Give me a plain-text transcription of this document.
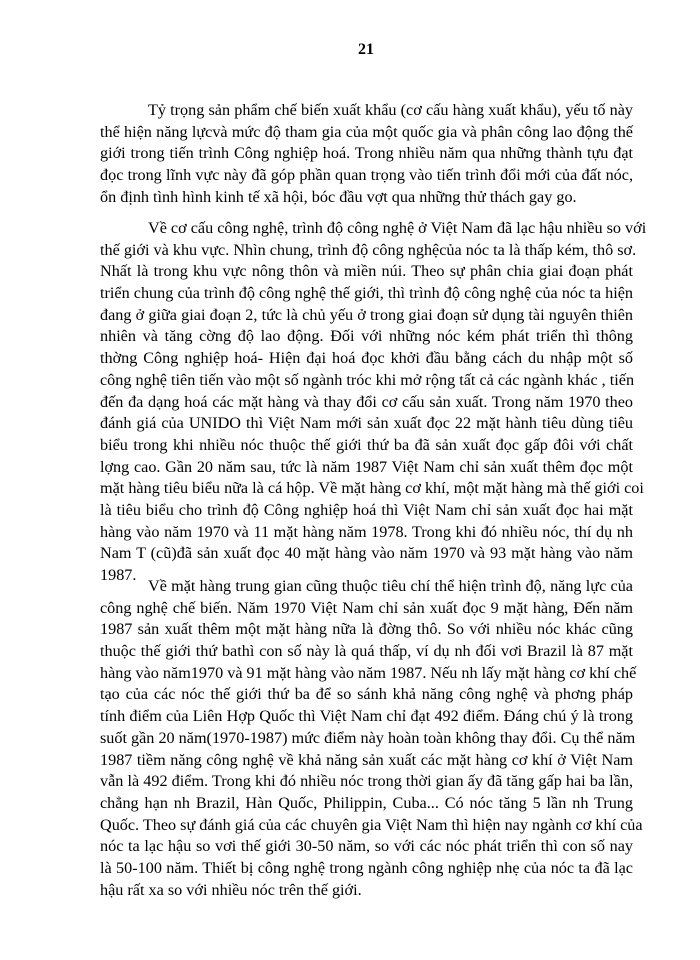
21
Tỷ trọng sản phẩm chế biến xuất khẩu (cơ cấu hàng xuất khẩu), yếu tố này
thể hiện năng lựcvà mức độ tham gia của một quốc gia và phân công lao động thế
giới trong tiến trình Công nghiệp hoá. Trong nhiều năm qua những thành tựu đạt
đọc trong lĩnh vực này đã góp phần quan trọng vào tiến trình đổi mới của đất nóc,
ổn định tình hình kinh tế xã hội, bóc đầu vợt qua những thử thách gay go.
Về cơ cấu công nghệ, trình độ công nghệ ở Việt Nam đã lạc hậu nhiều so với
thế giới và khu vực. Nhìn chung, trình độ công nghệcủa nóc ta là thấp kém, thô sơ.
Nhất là trong khu vực nông thôn và miền núi. Theo sự phân chia giai đoạn phát
triển chung của trình độ công nghệ thế giới, thì trình độ công nghệ của nóc ta hiện
đang ở giữa giai đoạn 2, tức là chủ yếu ở trong giai đoạn sử dụng tài nguyên thiên
nhiên và tăng cờng độ lao động. Đối với những nóc kém phát triển thì thông
thờng Công nghiệp hoá- Hiện đại hoá đọc khởi đầu bằng cách du nhập một số
công nghệ tiên tiến vào một số ngành tróc khi mở rộng tất cả các ngành khác , tiến
đến đa dạng hoá các mặt hàng và thay đổi cơ cấu sản xuất. Trong năm 1970 theo
đánh giá của UNIDO thì Việt Nam mới sản xuất đọc 22 mặt hành tiêu dùng tiêu
biểu trong khi nhiều nóc thuộc thế giới thứ ba đã sản xuất đọc gấp đôi với chất
lợng cao. Gần 20 năm sau, tức là năm 1987 Việt Nam chỉ sản xuất thêm đọc một
mặt hàng tiêu biểu nữa là cá hộp. Về mặt hàng cơ khí, một mặt hàng mà thế giới coi
là tiêu biểu cho trình độ Công nghiệp hoá thì Việt Nam chỉ sản xuất đọc hai mặt
hàng vào năm 1970 và 11 mặt hàng năm 1978. Trong khi đó nhiều nóc, thí dụ nh
Nam T (cũ)đã sản xuất đọc 40 mặt hàng vào năm 1970 và 93 mặt hàng vào năm
1987.
Về mặt hàng trung gian cũng thuộc tiêu chí thể hiện trình độ, năng lực của
công nghệ chế biến. Năm 1970 Việt Nam chỉ sản xuất đọc 9 mặt hàng, Đến năm
1987 sản xuất thêm một mặt hàng nữa là đờng thô. So với nhiều nóc khác cũng
thuộc thế giới thứ bathì con số này là quá thấp, ví dụ nh đối vơi Brazil là 87 mặt
hàng vào năm1970 và 91 mặt hàng vào năm 1987. Nếu nh lấy mặt hàng cơ khí chế
tạo của các nóc thế giới thứ ba để so sánh khả năng công nghệ và phơng pháp
tính điểm của Liên Hợp Quốc thì Việt Nam chỉ đạt 492 điểm. Đáng chú ý là trong
suốt gần 20 năm(1970-1987) mức điểm này hoàn toàn không thay đổi. Cụ thể năm
1987 tiềm năng công nghệ về khả năng sản xuất các mặt hàng cơ khí ở Việt Nam
vẫn là 492 điểm. Trong khi đó nhiều nóc trong thời gian ấy đã tăng gấp hai ba lần,
chẳng hạn nh Brazil, Hàn Quốc, Philippin, Cuba... Có nóc tăng 5 lần nh Trung
Quốc. Theo sự đánh giá của các chuyên gia Việt Nam thì hiện nay ngành cơ khí của
nóc ta lạc hậu so vơi thế giới 30-50 năm, so với các nóc phát triển thì con số nay
là 50-100 năm. Thiết bị công nghệ trong ngành công nghiệp nhẹ của nóc ta đã lạc
hậu rất xa so với nhiều nóc trên thế giới.
